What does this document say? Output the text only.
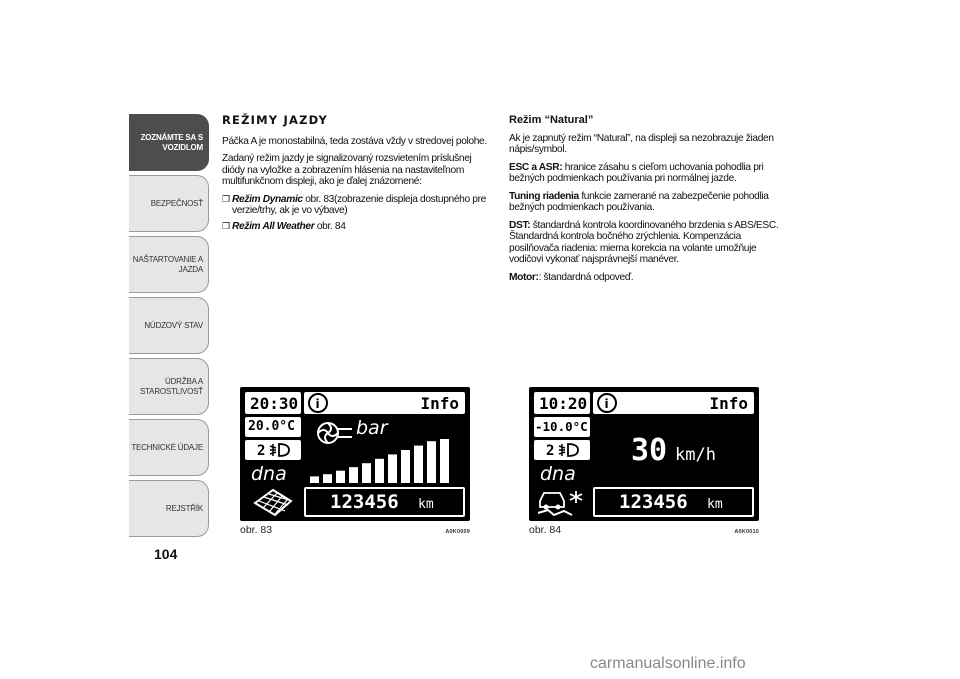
ZOZNÁMTE SA S VOZIDLOM
BEZPEČNOSŤ
NAŠTARTOVANIE A JAZDA
NÚDZOVÝ STAV
ÚDRŽBA A STAROSTLIVOSŤ
TECHNICKÉ ÚDAJE
REJSTŘÍK
104
REŽIMY JAZDY

Páčka A je monostabilná, teda zostáva vždy v stredovej polohe.

Zadaný režim jazdy je signalizovaný rozsvietením príslušnej diódy na vyložke a zobrazením hlásenia na nastaviteľnom multifunkčnom displeji, ako je ďalej znázornené:

❒ Režim Dynamic obr. 83(zobrazenie displeja dostupného pre verzie/trhy, ak je vo výbave)
❒ Režim All Weather obr. 84
Režim “Natural”

Ak je zapnutý režim “Natural”, na displeji sa nezobrazuje žiaden nápis/symbol.

ESC a ASR: hranice zásahu s cieľom uchovania pohodlia pri bežných podmienkach používania pri normálnej jazde.

Tuning riadenia funkcie zamerané na zabezpečenie pohodlia bežných podmienkach používania.

DST: štandardná kontrola koordinovaného brzdenia s ABS/ESC. Štandardná kontrola bočného zrýchlenia. Kompenzácia posilňovača riadenia: mierna korekcia na volante umožňuje vodičovi vykonať najsprávnejší manéver.

Motor:: štandardná odpoveď.

20:30
20.0°C
2
dna
i	Info
bar
123456 km
obr. 83	A0K0009
10:20
-10.0°C
2
dna
i	Info
30 km/h
123456 km
obr. 84	A0K0010
carmanualsonline.info
